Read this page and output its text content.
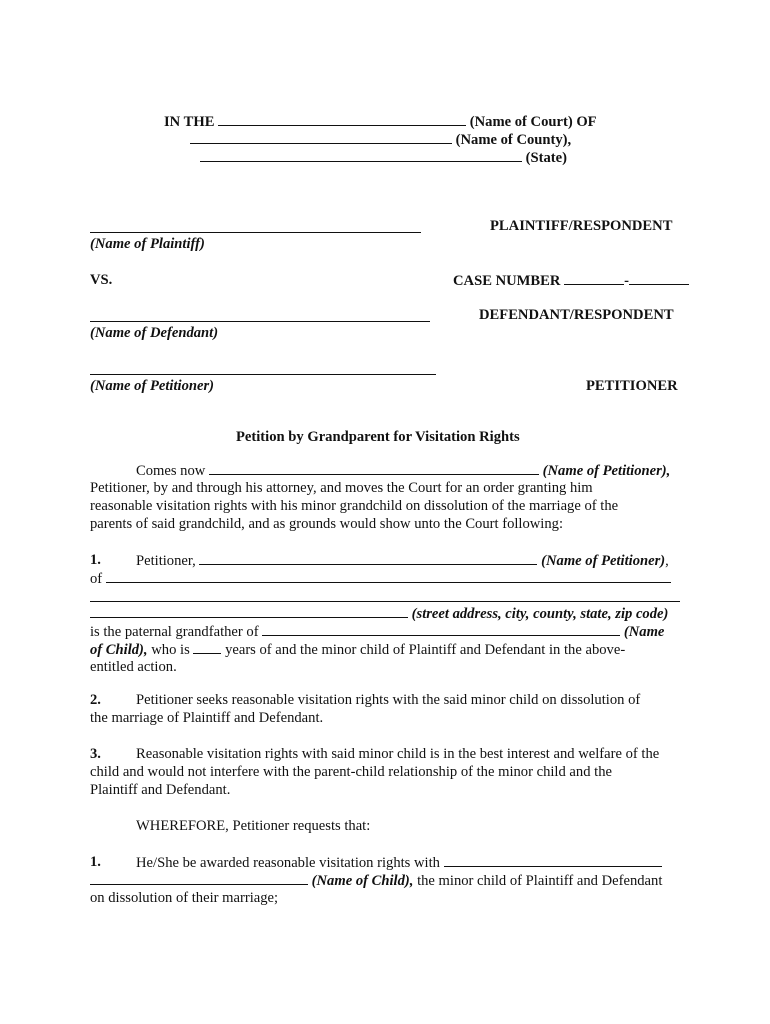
IN THE	(Name of Court) OF
(Name of County),
(State)
PLAINTIFF/RESPONDENT
(Name of Plaintiff)
VS.	CASE NUMBER	-
DEFENDANT/RESPONDENT
(Name of Defendant)
(Name of Petitioner)	PETITIONER
Petition by Grandparent for Visitation Rights
Comes now	(Name of Petitioner),
Petitioner, by and through his attorney, and moves the Court for an order granting him
reasonable visitation rights with his minor grandchild on dissolution of the marriage of the
parents of said grandchild, and as grounds would show unto the Court following:
1. Petitioner,	(Name of Petitioner),
of
(street address, city, county, state, zip code)
is the paternal grandfather of	(Name
of Child), who is years of and the minor child of Plaintiff and Defendant in the above-
entitled action.
2. Petitioner seeks reasonable visitation rights with the said minor child on dissolution of
the marriage of Plaintiff and Defendant.
3. Reasonable visitation rights with said minor child is in the best interest and welfare of the
child and would not interfere with the parent-child relationship of the minor child and the
Plaintiff and Defendant.
WHEREFORE, Petitioner requests that:
1. He/She be awarded reasonable visitation rights with
(Name of Child), the minor child of Plaintiff and Defendant
on dissolution of their marriage;
